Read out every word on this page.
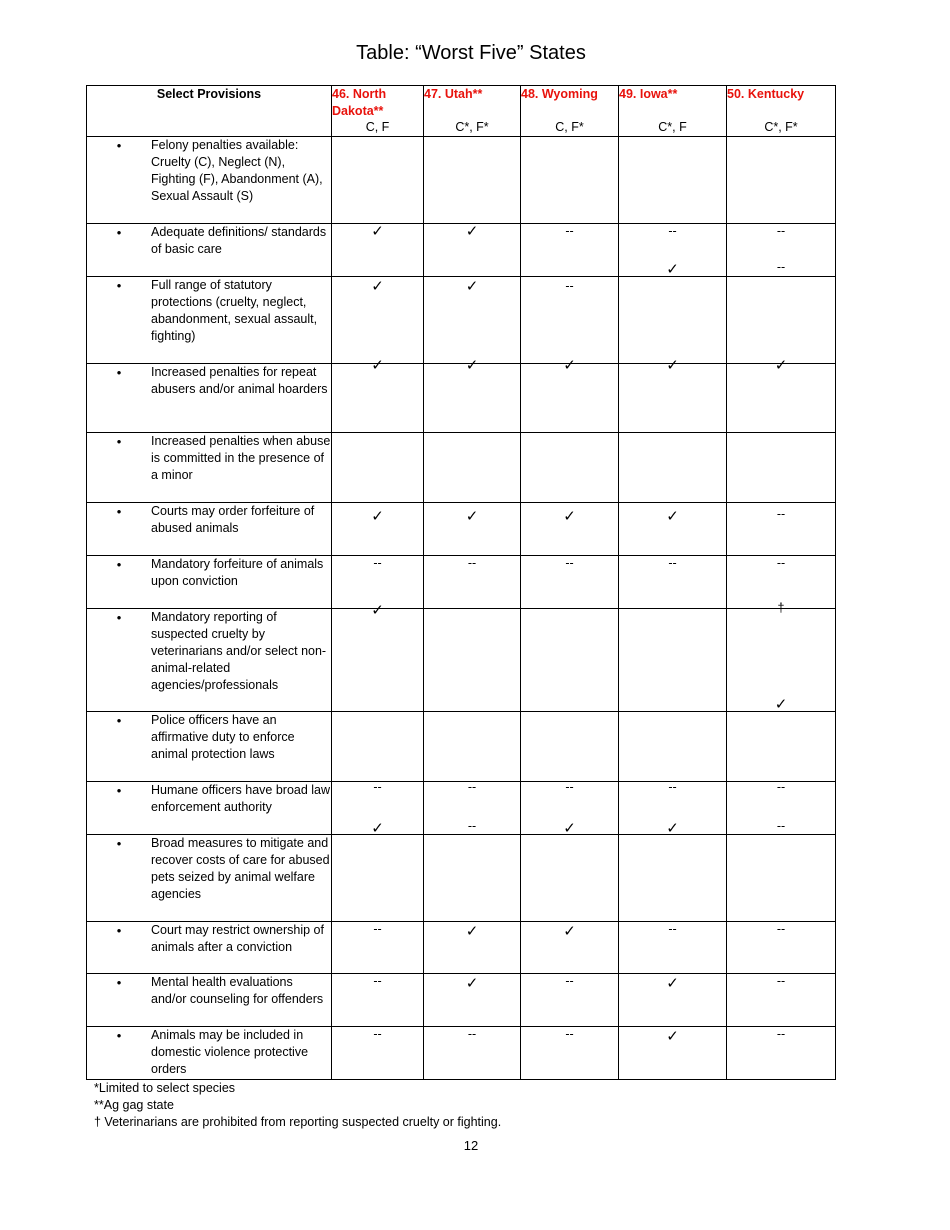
Table: “Worst Five” States
Select Provisions	46. North Dakota**	47. Utah**	48. Wyoming	49. Iowa**	50. Kentucky

• Felony penalties available: Cruelty (C), Neglect (N), Fighting (F), Abandonment (A), Sexual Assault (S)	C, F	C*, F*	C, F*	C*, F	C*, F*

• Adequate definitions/ standards of basic care	✓	✓	--	--	--

• Full range of statutory protections (cruelty, neglect, abandonment, sexual assault, fighting)	✓	✓	--	✓	--

• Increased penalties for repeat abusers and/or animal hoarders	✓	✓	✓	✓	✓

• Increased penalties when abuse is committed in the presence of a minor	--	--	--	--	--

• Courts may order forfeiture of abused animals	✓	✓	✓	✓	--

• Mandatory forfeiture of animals upon conviction	--	--	--	--	--

• Mandatory reporting of suspected cruelty by veterinarians and/or select non-animal-related agencies/professionals	✓	--	--	--	†

• Police officers have an affirmative duty to enforce animal protection laws	--	--	--	--	✓

• Humane officers have broad law enforcement authority	--	--	--	--	--

• Broad measures to mitigate and recover costs of care for abused pets seized by animal welfare agencies	✓	--	✓	✓	--

• Court may restrict ownership of animals after a conviction	--	✓	✓	--	--

• Mental health evaluations and/or counseling for offenders	--	✓	--	✓	--

• Animals may be included in domestic violence protective orders	--	--	--	✓	--
*Limited to select species
**Ag gag state
† Veterinarians are prohibited from reporting suspected cruelty or fighting.
12
